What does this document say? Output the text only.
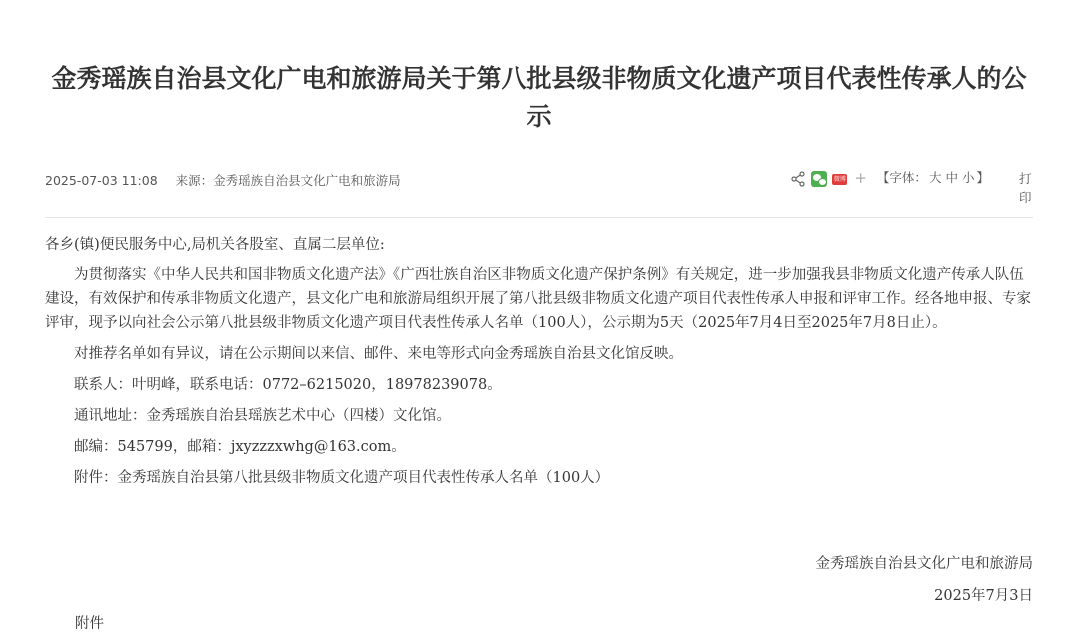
金秀瑶族自治县文化广电和旅游局关于第八批县级非物质文化遗产项目代表性传承人的公示
2025-07-03 11:08 来源：金秀瑶族自治县文化广电和旅游局	微博 + 【字体： 大 中 小 】 打印

各乡(镇)便民服务中心,局机关各股室、直属二层单位:

为贯彻落实《中华人民共和国非物质文化遗产法》《广西壮族自治区非物质文化遗产保护条例》有关规定，进一步加强我县非物质文化遗产传承人队伍建设，有效保护和传承非物质文化遗产，县文化广电和旅游局组织开展了第八批县级非物质文化遗产项目代表性传承人申报和评审工作。经各地申报、专家评审，现予以向社会公示第八批县级非物质文化遗产项目代表性传承人名单（100人），公示期为5天（2025年7月4日至2025年7月8日止）。

对推荐名单如有异议，请在公示期间以来信、邮件、来电等形式向金秀瑶族自治县文化馆反映。

联系人：叶明峰，联系电话：0772–6215020，18978239078。

通讯地址：金秀瑶族自治县瑶族艺术中心（四楼）文化馆。

邮编：545799，邮箱：jxyzzzxwhg@163.com。

附件：金秀瑶族自治县第八批县级非物质文化遗产项目代表性传承人名单（100人）

金秀瑶族自治县文化广电和旅游局
2025年7月3日
附件
